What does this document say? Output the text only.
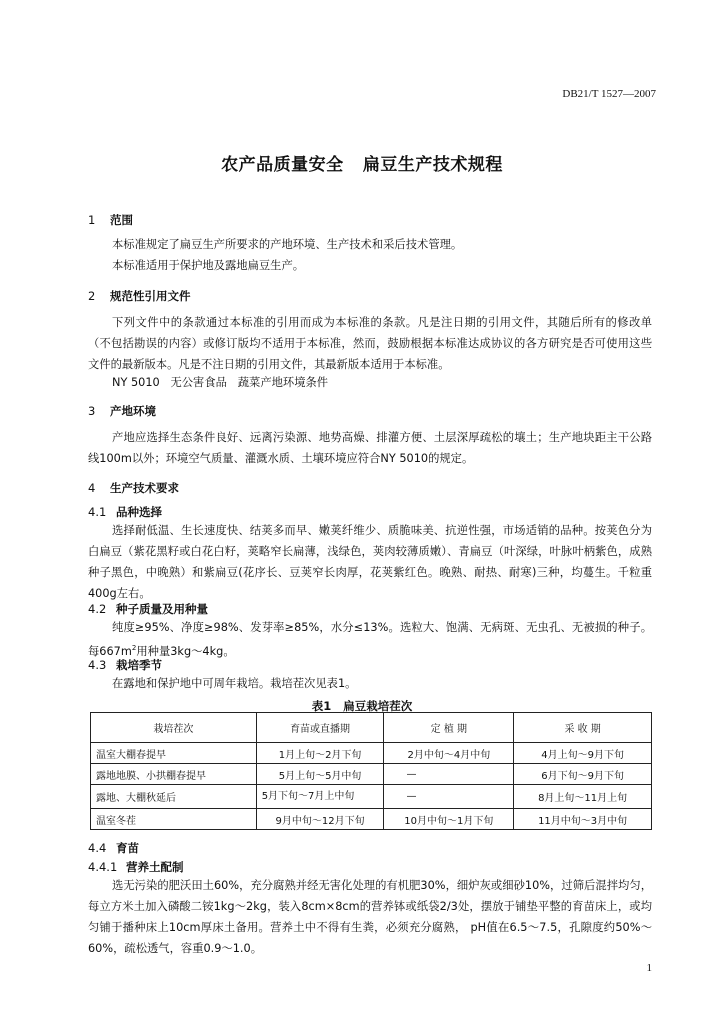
DB21/T 1527—2007
农产品质量安全   扁豆生产技术规程
1 范围

本标准规定了扁豆生产所要求的产地环境、生产技术和采后技术管理。

本标准适用于保护地及露地扁豆生产。

2 规范性引用文件

下列文件中的条款通过本标准的引用而成为本标准的条款。凡是注日期的引用文件，其随后所有的修改单（不包括勘误的内容）或修订版均不适用于本标准，然而，鼓励根据本标准达成协议的各方研究是否可使用这些文件的最新版本。凡是不注日期的引用文件，其最新版本适用于本标准。

NY 5010   无公害食品   蔬菜产地环境条件
3 产地环境

产地应选择生态条件良好、远离污染源、地势高燥、排灌方便、土层深厚疏松的壤土；生产地块距主干公路线100m以外；环境空气质量、灌溉水质、土壤环境应符合NY 5010的规定。

4 生产技术要求
4.1 品种选择

选择耐低温、生长速度快、结荚多而早、嫩荚纤维少、质脆味美、抗逆性强，市场适销的品种。按荚色分为白扁豆（紫花黑籽或白花白籽，荚略窄长扁薄，浅绿色，荚肉较薄质嫩）、青扁豆（叶深绿，叶脉叶柄紫色，成熟种子黑色，中晚熟）和紫扁豆(花序长、豆荚窄长肉厚，花荚紫红色。晚熟、耐热、耐寒)三种，均蔓生。千粒重400g左右。

4.2 种子质量及用种量

纯度≥95%、净度≥98%、发芽率≥85%，水分≤13%。选粒大、饱满、无病斑、无虫孔、无被损的种子。每$667m^2$用种量3kg～4kg。

4.3 栽培季节

在露地和保护地中可周年栽培。栽培茬次见表1。

表1   扁豆栽培茬次
栽培茬次	育苗或直播期	定 植 期	采 收 期
温室大棚春提早	1月上旬～2月下旬	2月中旬～4月中旬	4月上旬～9月下旬
露地地膜、小拱棚春提早	5月上旬～5月中旬	—	6月下旬～9月下旬
露地、大棚秋延后	5月下旬～7月上中旬	—	8月上旬～11月上旬
温室冬茬	9月中旬～12月下旬	10月中旬～1月下旬	11月中旬～3月中旬
4.4 育苗
4.4.1 营养土配制

选无污染的肥沃田土60%，充分腐熟并经无害化处理的有机肥30%，细炉灰或细砂10%，过筛后混拌均匀，每立方米土加入磷酸二铵1kg～2kg，装入8cm×8cm的营养钵或纸袋2/3处，摆放于铺垫平整的育苗床上，或均匀铺于播种床上10cm厚床土备用。营养土中不得有生粪，必须充分腐熟， pH值在6.5～7.5，孔隙度约50%～60%，疏松透气，容重0.9～1.0。

1
